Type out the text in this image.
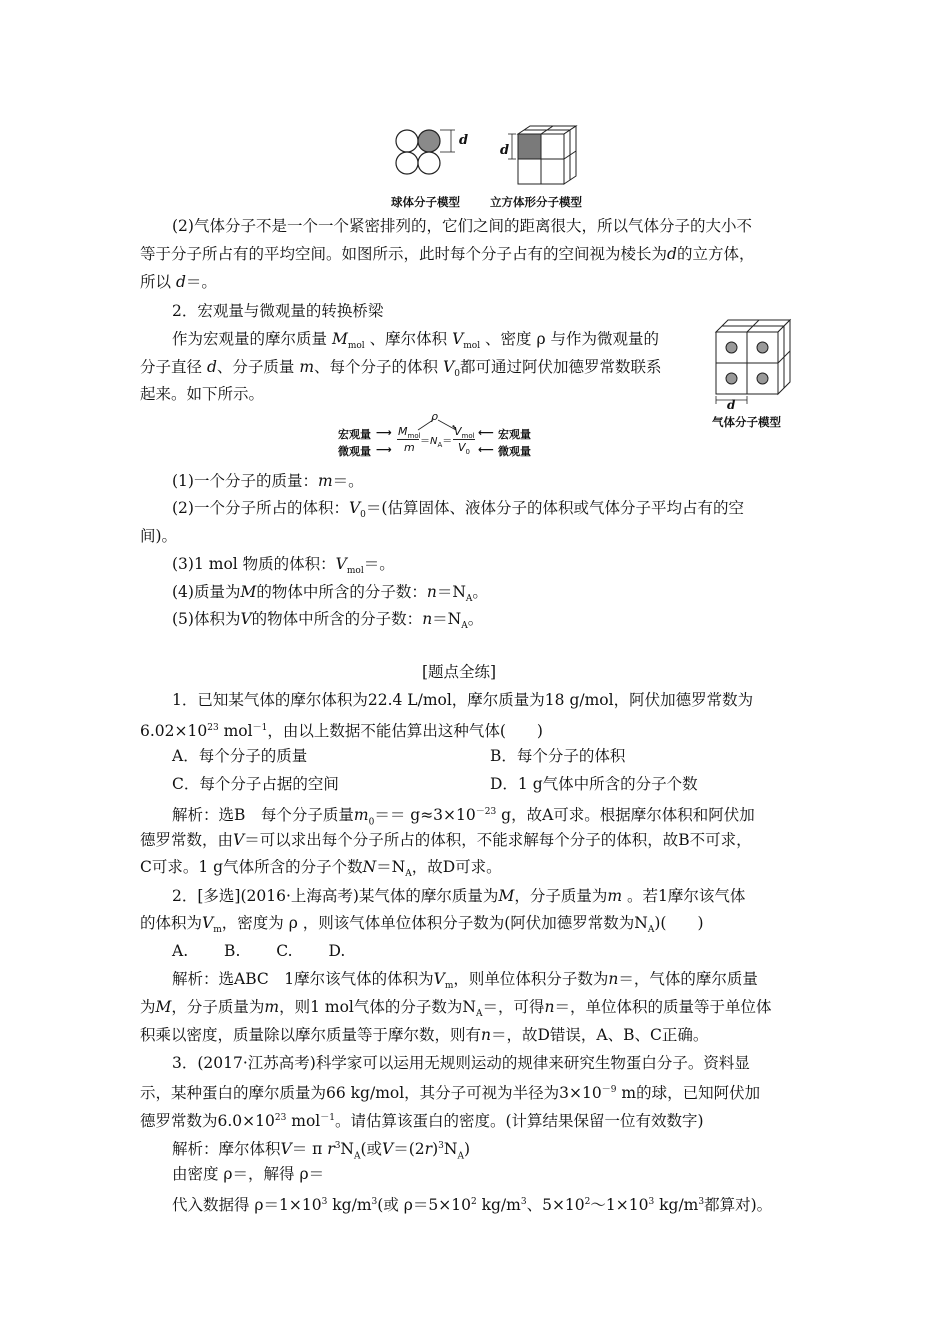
d
球体分子模型
d
立方体形分子模型
(2)气体分子不是一个一个紧密排列的，它们之间的距离很大，所以气体分子的大小不
等于分子所占有的平均空间。如图所示，此时每个分子占有的空间视为棱长为d的立方体，
所以 d＝。
2．宏观量与微观量的转换桥梁
作为宏观量的摩尔质量 $M_{mol}$ 、摩尔体积 $V_{mol}$ 、密度 ρ 与作为微观量的
分子直径 d、分子质量 m、每个分子的体积 $V_0$都可通过阿伏加德罗常数联系
起来。如下所示。
d
气体分子模型
ρ
宏观量 ⟶
微观量 ⟶
$M_{mol}$
$m =N_A=$
$V_{mol}$
$V_0$
⟵ 宏观量
⟵ 微观量
(1)一个分子的质量：m＝。
(2)一个分子所占的体积：$V_0=$(估算固体、液体分子的体积或气体分子平均占有的空
间)。
(3)1 mol 物质的体积：$V_{mol}=$。
(4)质量为M的物体中所含的分子数：$n=N_A$。
(5)体积为V的物体中所含的分子数：$n=N_A$。
[题点全练]
1．已知某气体的摩尔体积为22.4 L/mol，摩尔质量为18 g/mol，阿伏加德罗常数为
$6.02\times 10^{23}$ mol$^{-1}$，由以上数据不能估算出这种气体(　　)
A．每个分子的质量	B．每个分子的体积
C．每个分子占据的空间	D．1 g气体中所含的分子个数
解析：选B　每个分子质量$m_0== g\approx 3\times 10^{-23}$ g，故A可求。根据摩尔体积和阿伏加
德罗常数，由V＝可以求出每个分子所占的体积，不能求解每个分子的体积，故B不可求，
C可求。1 g气体所含的分子个数$N=N_A$，故D可求。
2．[多选](2016·上海高考)某气体的摩尔质量为M，分子质量为m 。若1摩尔该气体
的体积为$V_m$，密度为 ρ ，则该气体单位体积分子数为(阿伏加德罗常数为$N_A$)(　　)
A.　　 B.　　 C.　　 D.
解析：选ABC　1摩尔该气体的体积为$V_m$，则单位体积分子数为n＝，气体的摩尔质量
为M，分子质量为m，则1 mol气体的分子数为$N_A=$，可得n＝，单位体积的质量等于单位体
积乘以密度，质量除以摩尔质量等于摩尔数，则有n＝，故D错误，A、B、C正确。
3．(2017·江苏高考)科学家可以运用无规则运动的规律来研究生物蛋白分子。资料显
示，某种蛋白的摩尔质量为66 kg/mol，其分子可视为半径为$3\times 10^{-9}$ m的球，已知阿伏加
德罗常数为$6.0\times 10^{23}$ mol$^{-1}$。请估算该蛋白的密度。(计算结果保留一位有效数字)
解析：摩尔体积V＝ π $r^3N_A$(或$V=(2r)^3N_A$)
由密度 ρ＝，解得 ρ＝
代入数据得 $\rho=1\times 10^3$ $kg/m^3$(或 $\rho=5\times 10^2$ $kg/m^3$、$5\times 10^2\sim 1\times 10^3$ $kg/m^3$都算对)。
